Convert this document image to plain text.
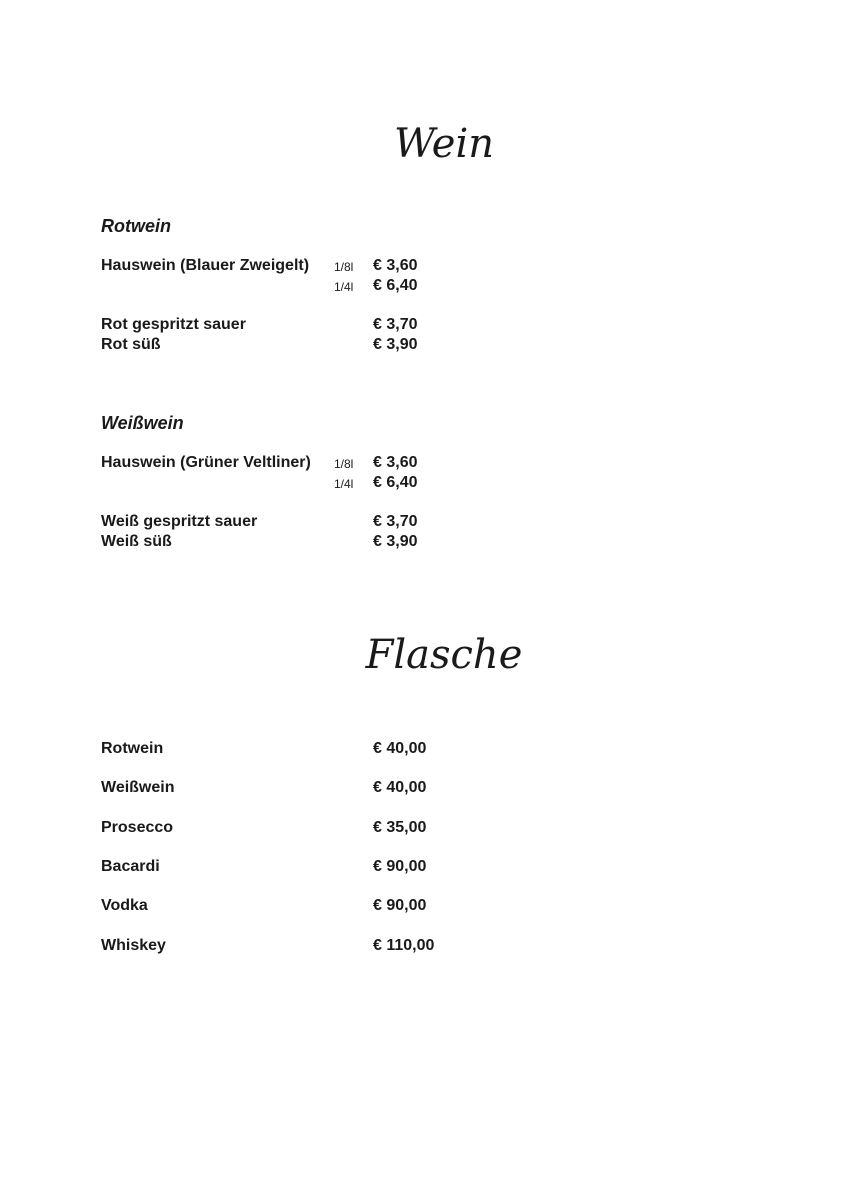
Wein
Rotwein
Hauswein (Blauer Zweigelt) 1/8l € 3,60
1/4l € 6,40
Rot gespritzt sauer	€ 3,70
Rot süß	€ 3,90
Weißwein
Hauswein (Grüner Veltliner) 1/8l € 3,60
1/4l € 6,40
Weiß gespritzt sauer	€ 3,70
Weiß süß	€ 3,90
Flasche
Rotwein	€ 40,00
Weißwein	€ 40,00
Prosecco	€ 35,00
Bacardi	€ 90,00
Vodka	€ 90,00
Whiskey	€ 110,00
